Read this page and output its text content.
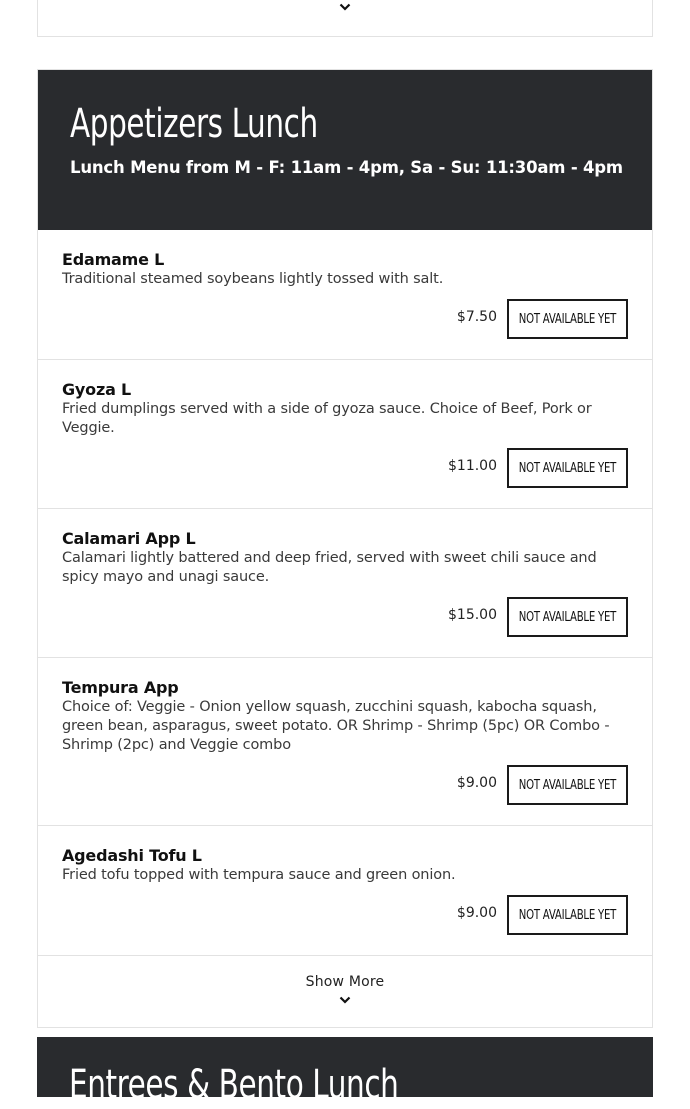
Appetizers Lunch
Lunch Menu from M - F: 11am - 4pm, Sa - Su: 11:30am - 4pm
Edamame L
Traditional steamed soybeans lightly tossed with salt.
$7.50 NOT AVAILABLE YET
Gyoza L
Fried dumplings served with a side of gyoza sauce. Choice of Beef, Pork or Veggie.
$11.00 NOT AVAILABLE YET
Calamari App L
Calamari lightly battered and deep fried, served with sweet chili sauce and spicy mayo and unagi sauce.
$15.00 NOT AVAILABLE YET
Tempura App
Choice of: Veggie - Onion yellow squash, zucchini squash, kabocha squash, green bean, asparagus, sweet potato. OR Shrimp - Shrimp (5pc) OR Combo - Shrimp (2pc) and Veggie combo
$9.00 NOT AVAILABLE YET
Agedashi Tofu L
Fried tofu topped with tempura sauce and green onion.
$9.00 NOT AVAILABLE YET
Show More
Entrees & Bento Lunch
